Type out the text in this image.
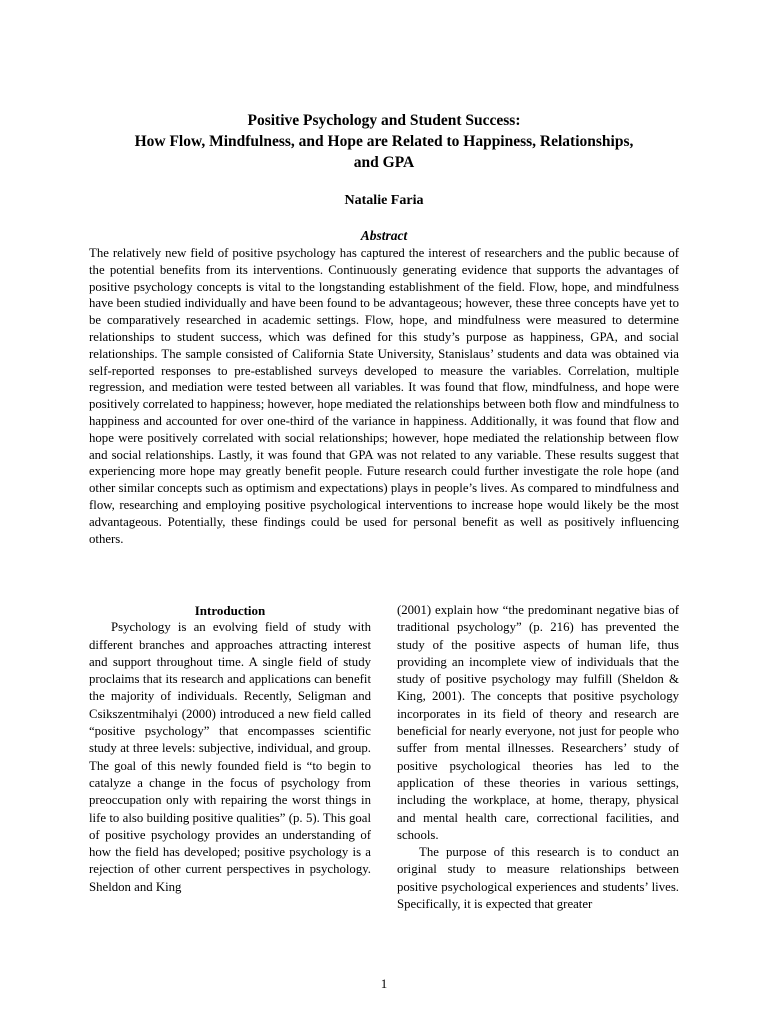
Positive Psychology and Student Success:
How Flow, Mindfulness, and Hope are Related to Happiness, Relationships,
and GPA
Natalie Faria
Abstract

The relatively new field of positive psychology has captured the interest of researchers and the public because of the potential benefits from its interventions. Continuously generating evidence that supports the advantages of positive psychology concepts is vital to the longstanding establishment of the field. Flow, hope, and mindfulness have been studied individually and have been found to be advantageous; however, these three concepts have yet to be comparatively researched in academic settings. Flow, hope, and mindfulness were measured to determine relationships to student success, which was defined for this study’s purpose as happiness, GPA, and social relationships. The sample consisted of California State University, Stanislaus’ students and data was obtained via self-reported responses to pre-established surveys developed to measure the variables. Correlation, multiple regression, and mediation were tested between all variables. It was found that flow, mindfulness, and hope were positively correlated to happiness; however, hope mediated the relationships between both flow and mindfulness to happiness and accounted for over one-third of the variance in happiness. Additionally, it was found that flow and hope were positively correlated with social relationships; however, hope mediated the relationship between flow and social relationships. Lastly, it was found that GPA was not related to any variable. These results suggest that experiencing more hope may greatly benefit people. Future research could further investigate the role hope (and other similar concepts such as optimism and expectations) plays in people’s lives. As compared to mindfulness and flow, researching and employing positive psychological interventions to increase hope would likely be the most advantageous. Potentially, these findings could be used for personal benefit as well as positively influencing others.

Introduction

Psychology is an evolving field of study with different branches and approaches attracting interest and support throughout time. A single field of study proclaims that its research and applications can benefit the majority of individuals. Recently, Seligman and Csikszentmihalyi (2000) introduced a new field called “positive psychology” that encompasses scientific study at three levels: subjective, individual, and group. The goal of this newly founded field is “to begin to catalyze a change in the focus of psychology from preoccupation only with repairing the worst things in life to also building positive qualities” (p. 5). This goal of positive psychology provides an understanding of how the field has developed; positive psychology is a rejection of other current perspectives in psychology. Sheldon and King

(2001) explain how “the predominant negative bias of traditional psychology” (p. 216) has prevented the study of the positive aspects of human life, thus providing an incomplete view of individuals that the study of positive psychology may fulfill (Sheldon & King, 2001). The concepts that positive psychology incorporates in its field of theory and research are beneficial for nearly everyone, not just for people who suffer from mental illnesses. Researchers’ study of positive psychological theories has led to the application of these theories in various settings, including the workplace, at home, therapy, physical and mental health care, correctional facilities, and schools.

The purpose of this research is to conduct an original study to measure relationships between positive psychological experiences and students’ lives. Specifically, it is expected that greater

1
